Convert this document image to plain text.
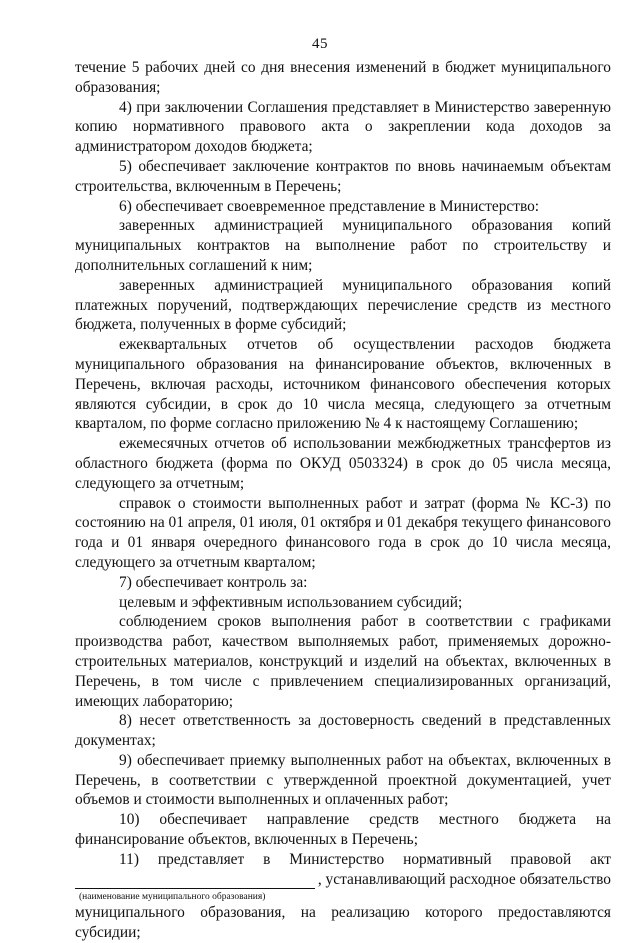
45

течение 5 рабочих дней со дня внесения изменений в бюджет муниципального образования;

4) при заключении Соглашения представляет в Министерство заверенную копию нормативного правового акта о закреплении кода доходов за администратором доходов бюджета;

5) обеспечивает заключение контрактов по вновь начинаемым объектам строительства, включенным в Перечень;

6) обеспечивает своевременное представление в Министерство:

заверенных администрацией муниципального образования копий муниципальных контрактов на выполнение работ по строительству и дополнительных соглашений к ним;

заверенных администрацией муниципального образования копий платежных поручений, подтверждающих перечисление средств из местного бюджета, полученных в форме субсидий;

ежеквартальных отчетов об осуществлении расходов бюджета муниципального образования на финансирование объектов, включенных в Перечень, включая расходы, источником финансового обеспечения которых являются субсидии, в срок до 10 числа месяца, следующего за отчетным кварталом, по форме согласно приложению № 4 к настоящему Соглашению;

ежемесячных отчетов об использовании межбюджетных трансфертов из областного бюджета (форма по ОКУД 0503324) в срок до 05 числа месяца, следующего за отчетным;

справок о стоимости выполненных работ и затрат (форма № КС-3) по состоянию на 01 апреля, 01 июля, 01 октября и 01 декабря текущего финансового года и 01 января очередного финансового года в срок до 10 числа месяца, следующего за отчетным кварталом;

7) обеспечивает контроль за:

целевым и эффективным использованием субсидий;

соблюдением сроков выполнения работ в соответствии с графиками производства работ, качеством выполняемых работ, применяемых дорожно-строительных материалов, конструкций и изделий на объектах, включенных в Перечень, в том числе с привлечением специализированных организаций, имеющих лабораторию;

8) несет ответственность за достоверность сведений в представленных документах;

9) обеспечивает приемку выполненных работ на объектах, включенных в Перечень, в соответствии с утвержденной проектной документацией, учет объемов и стоимости выполненных и оплаченных работ;

10) обеспечивает направление средств местного бюджета на финансирование объектов, включенных в Перечень;

11) представляет в Министерство нормативный правовой акт

, устанавливающий расходное обязательство
(наименование муниципального образования)

муниципального образования, на реализацию которого предоставляются субсидии;
